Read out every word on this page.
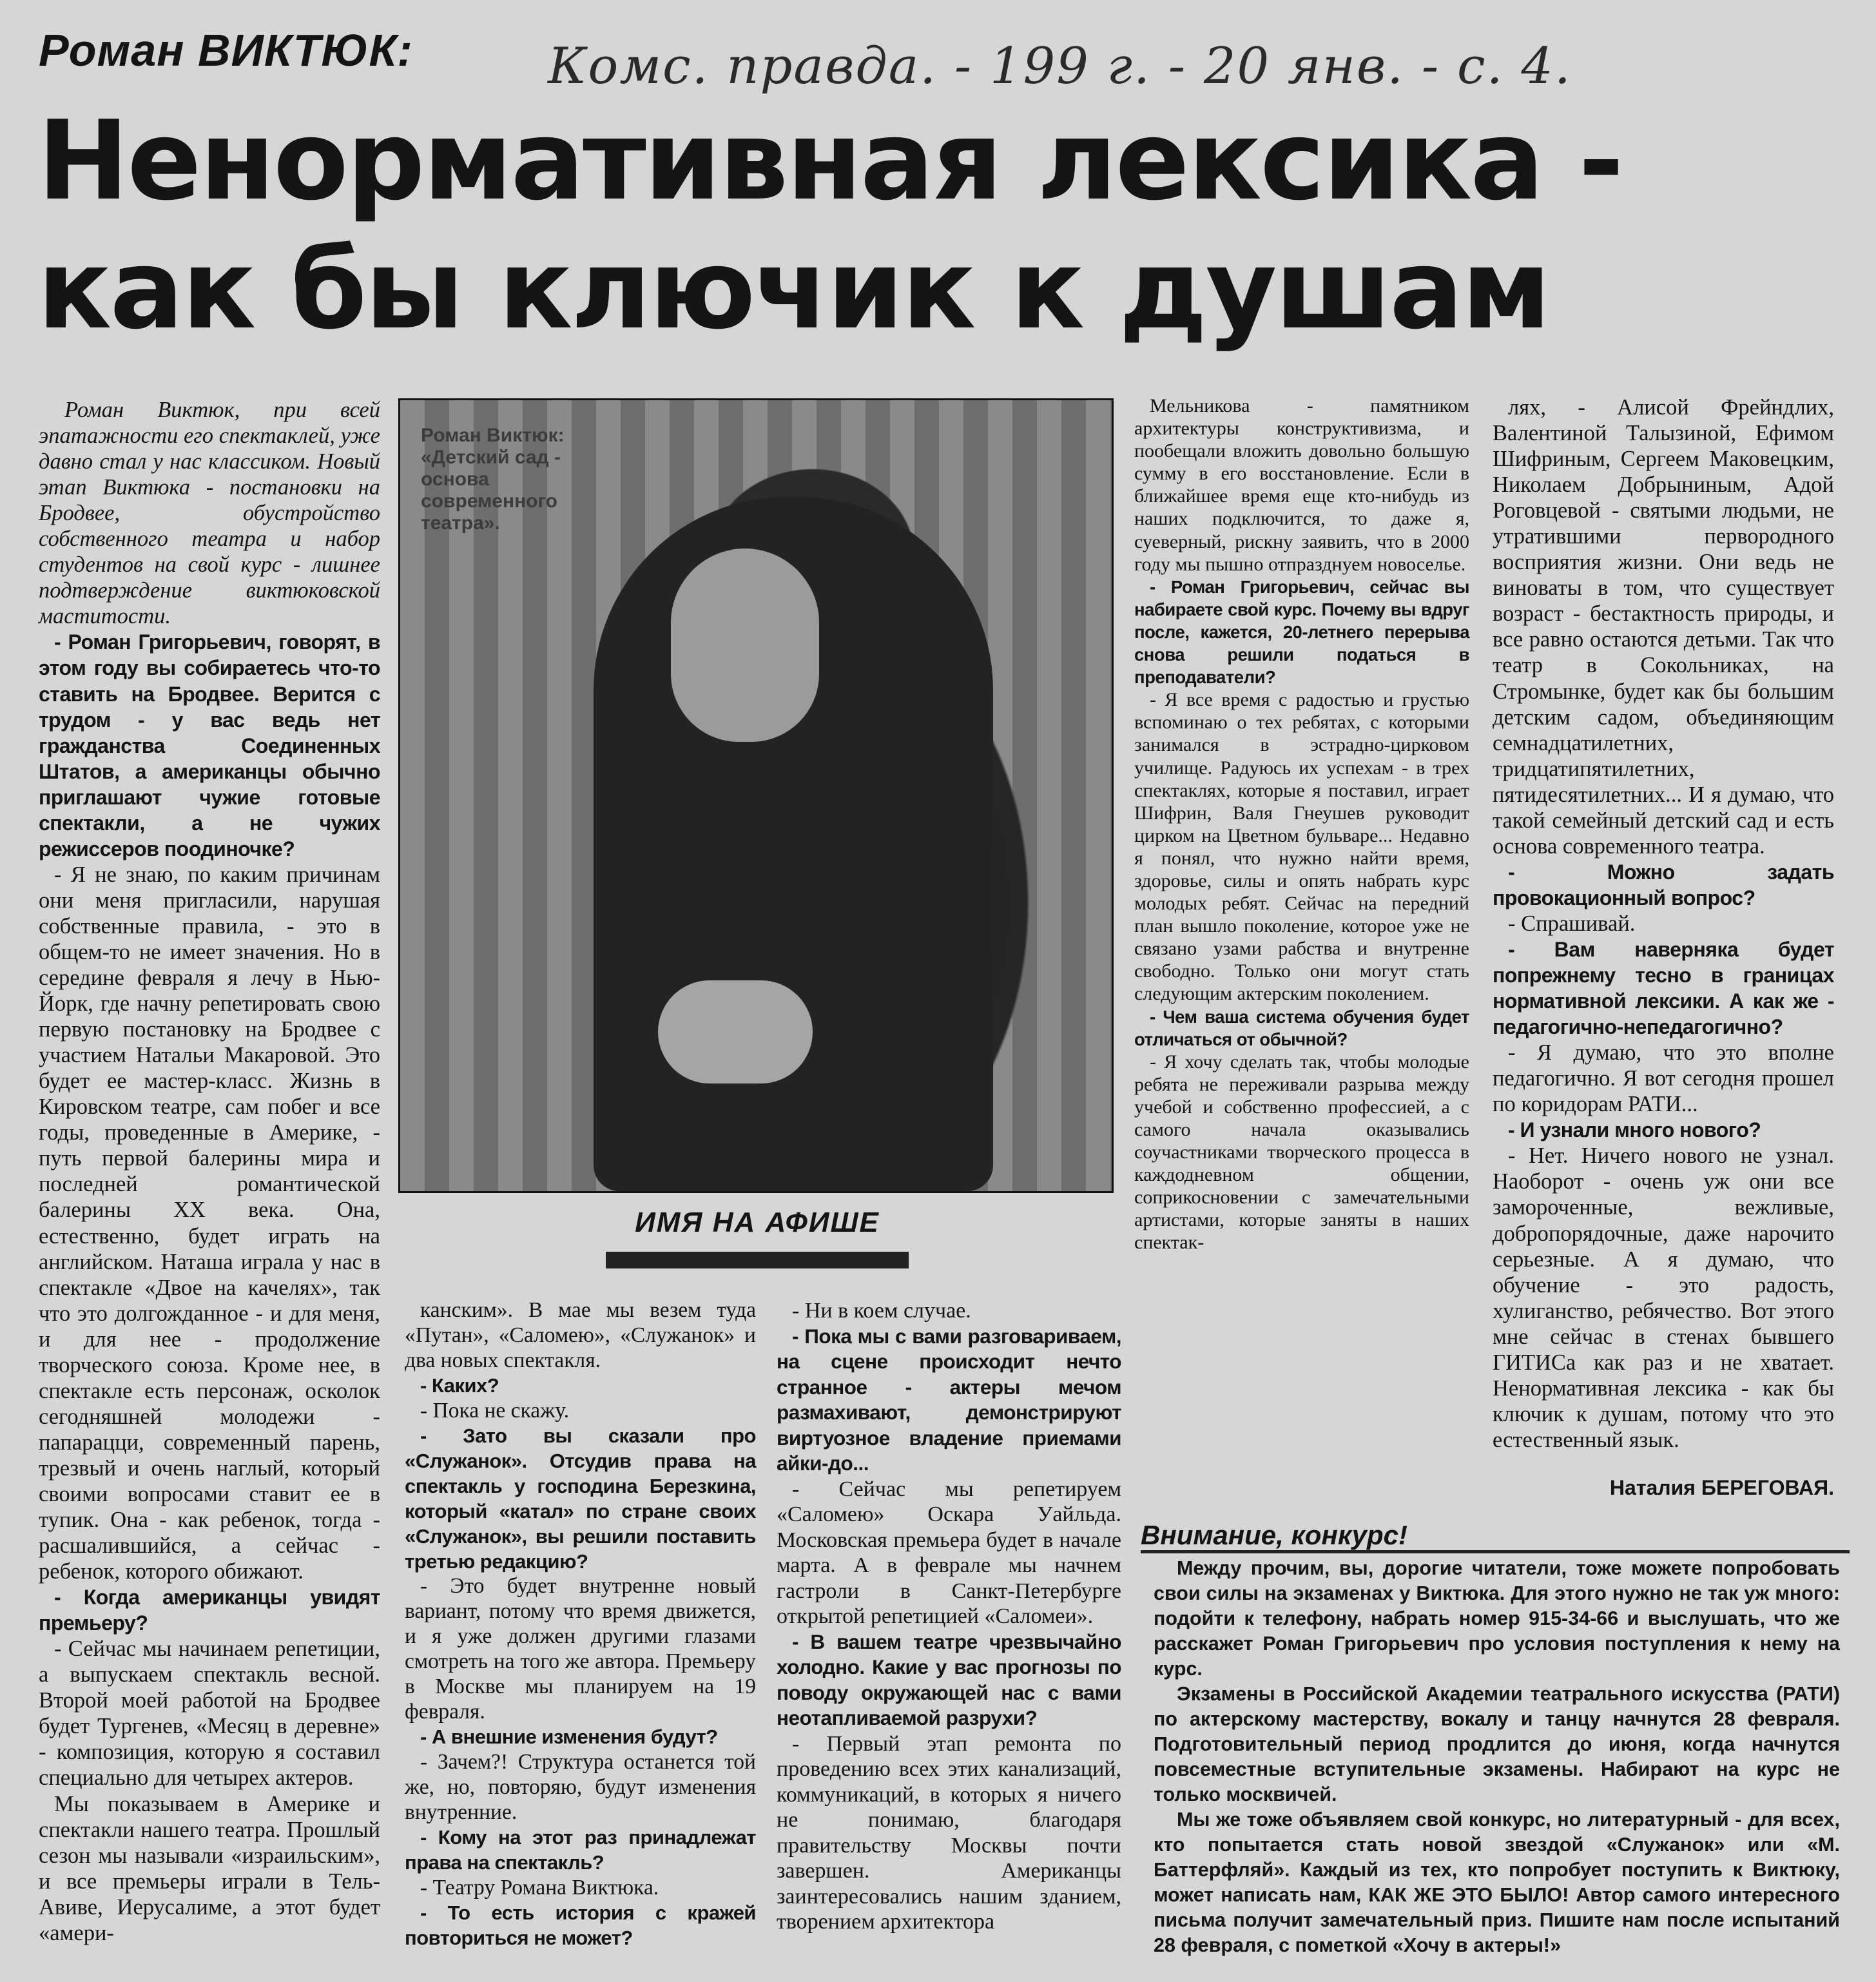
Роман ВИКТЮК:	Комс. правда. - 199 г. - 20 янв. - с. 4.
Ненормативная лексика -
как бы ключик к душам

Роман Виктюк, при всей эпатажности его спектаклей, уже давно стал у нас классиком. Новый этап Виктюка - постановки на Бродвее, обустройство собственного театра и набор студентов на свой курс - лишнее подтверждение виктюковской маститости.

- Роман Григорьевич, говорят, в этом году вы собираетесь что-то ставить на Бродвее. Верится с трудом - у вас ведь нет гражданства Соединенных Штатов, а американцы обычно приглашают чужие готовые спектакли, а не чужих режиссеров поодиночке?

- Я не знаю, по каким причинам они меня пригласили, нарушая собственные правила, - это в общем-то не имеет значения. Но в середине февраля я лечу в Нью-Йорк, где начну репетировать свою первую постановку на Бродвее с участием Натальи Макаровой. Это будет ее мастер-класс. Жизнь в Кировском театре, сам побег и все годы, проведенные в Америке, - путь первой балерины мира и последней романтической балерины XX века. Она, естественно, будет играть на английском. Наташа играла у нас в спектакле «Двое на качелях», так что это долгожданное - и для меня, и для нее - продолжение творческого союза. Кроме нее, в спектакле есть персонаж, осколок сегодняшней молодежи - папарацци, современный парень, трезвый и очень наглый, который своими вопросами ставит ее в тупик. Она - как ребенок, тогда - расшалившийся, а сейчас - ребенок, которого обижают.

- Когда американцы увидят премьеру?

- Сейчас мы начинаем репетиции, а выпускаем спектакль весной. Второй моей работой на Бродвее будет Тургенев, «Месяц в деревне» - композиция, которую я составил специально для четырех актеров.

Мы показываем в Америке и спектакли нашего театра. Прошлый сезон мы называли «израильским», и все премьеры играли в Тель-Авиве, Иерусалиме, а этот будет «амери-

Роман Виктюк: «Детский сад - основа современного театра».
ИМЯ НА АФИШЕ

канским». В мае мы везем туда «Путан», «Саломею», «Служанок» и два новых спектакля.

- Каких?

- Пока не скажу.

- Зато вы сказали про «Служанок». Отсудив права на спектакль у господина Березкина, который «катал» по стране своих «Служанок», вы решили поставить третью редакцию?

- Это будет внутренне новый вариант, потому что время движется, и я уже должен другими глазами смотреть на того же автора. Премьеру в Москве мы планируем на 19 февраля.

- А внешние изменения будут?

- Зачем?! Структура останется той же, но, повторяю, будут изменения внутренние.

- Кому на этот раз принадлежат права на спектакль?

- Театру Романа Виктюка.

- То есть история с кражей повториться не может?

- Ни в коем случае.

- Пока мы с вами разговариваем, на сцене происходит нечто странное - актеры мечом размахивают, демонстрируют виртуозное владение приемами айки-до...

- Сейчас мы репетируем «Саломею» Оскара Уайльда. Московская премьера будет в начале марта. А в феврале мы начнем гастроли в Санкт-Петербурге открытой репетицией «Саломеи».

- В вашем театре чрезвычайно холодно. Какие у вас прогнозы по поводу окружающей нас с вами неотапливаемой разрухи?

- Первый этап ремонта по проведению всех этих канализаций, коммуникаций, в которых я ничего не понимаю, благодаря правительству Москвы почти завершен. Американцы заинтересовались нашим зданием, творением архитектора

Мельникова - памятником архитектуры конструктивизма, и пообещали вложить довольно большую сумму в его восстановление. Если в ближайшее время еще кто-нибудь из наших подключится, то даже я, суеверный, рискну заявить, что в 2000 году мы пышно отпразднуем новоселье.

- Роман Григорьевич, сейчас вы набираете свой курс. Почему вы вдруг после, кажется, 20-летнего перерыва снова решили податься в преподаватели?

- Я все время с радостью и грустью вспоминаю о тех ребятах, с которыми занимался в эстрадно-цирковом училище. Радуюсь их успехам - в трех спектаклях, которые я поставил, играет Шифрин, Валя Гнеушев руководит цирком на Цветном бульваре... Недавно я понял, что нужно найти время, здоровье, силы и опять набрать курс молодых ребят. Сейчас на передний план вышло поколение, которое уже не связано узами рабства и внутренне свободно. Только они могут стать следующим актерским поколением.

- Чем ваша система обучения будет отличаться от обычной?

- Я хочу сделать так, чтобы молодые ребята не переживали разрыва между учебой и собственно профессией, а с самого начала оказывались соучастниками творческого процесса в каждодневном общении, соприкосновении с замечательными артистами, которые заняты в наших спектак-

лях, - Алисой Фрейндлих, Валентиной Талызиной, Ефимом Шифриным, Сергеем Маковецким, Николаем Добрыниным, Адой Роговцевой - святыми людьми, не утратившими первородного восприятия жизни. Они ведь не виноваты в том, что существует возраст - бестактность природы, и все равно остаются детьми. Так что театр в Сокольниках, на Стромынке, будет как бы большим детским садом, объединяющим семнадцатилетних, тридцатипятилетних, пятидесятилетних... И я думаю, что такой семейный детский сад и есть основа современного театра.

- Можно задать провокационный вопрос?

- Спрашивай.

- Вам наверняка будет попрежнему тесно в границах нормативной лексики. А как же - педагогично-непедагогично?

- Я думаю, что это вполне педагогично. Я вот сегодня прошел по коридорам РАТИ...

- И узнали много нового?

- Нет. Ничего нового не узнал. Наоборот - очень уж они все замороченные, вежливые, добропорядочные, даже нарочито серьезные. А я думаю, что обучение - это радость, хулиганство, ребячество. Вот этого мне сейчас в стенах бывшего ГИТИСа как раз и не хватает. Ненормативная лексика - как бы ключик к душам, потому что это естественный язык.

Наталия БЕРЕГОВАЯ.

Внимание, конкурс!

Между прочим, вы, дорогие читатели, тоже можете попробовать свои силы на экзаменах у Виктюка. Для этого нужно не так уж много: подойти к телефону, набрать номер 915-34-66 и выслушать, что же расскажет Роман Григорьевич про условия поступления к нему на курс.

Экзамены в Российской Академии театрального искусства (РАТИ) по актерскому мастерству, вокалу и танцу начнутся 28 февраля. Подготовительный период продлится до июня, когда начнутся повсеместные вступительные экзамены. Набирают на курс не только москвичей.

Мы же тоже объявляем свой конкурс, но литературный - для всех, кто попытается стать новой звездой «Служанок» или «М. Баттерфляй». Каждый из тех, кто попробует поступить к Виктюку, может написать нам, КАК ЖЕ ЭТО БЫЛО! Автор самого интересного письма получит замечательный приз. Пишите нам после испытаний 28 февраля, с пометкой «Хочу в актеры!»
